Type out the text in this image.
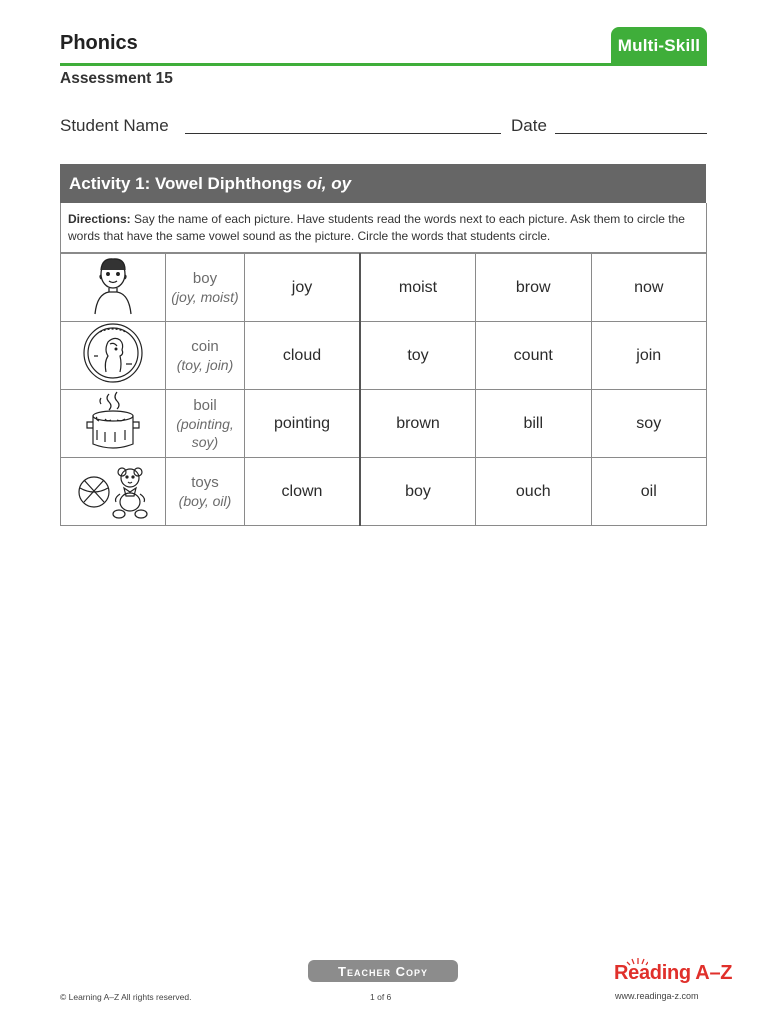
Phonics	Multi-Skill
Assessment 15
Student Name	Date
Activity 1: Vowel Diphthongs oi, oy
Directions: Say the name of each picture. Have students read the words next to each picture. Ask them to circle the words that have the same vowel sound as the picture. Circle the words that students circle.
	boy
(joy, moist)	joy	moist	brow	now
	coin
(toy, join)	cloud	toy	count	join
	boil
(pointing, soy)	pointing	brown	bill	soy
	toys
(boy, oil)	clown	boy	ouch	oil
Teacher Copy
© Learning A–Z All rights reserved.	1 of 6
Reading A–Z
www.readinga-z.com
